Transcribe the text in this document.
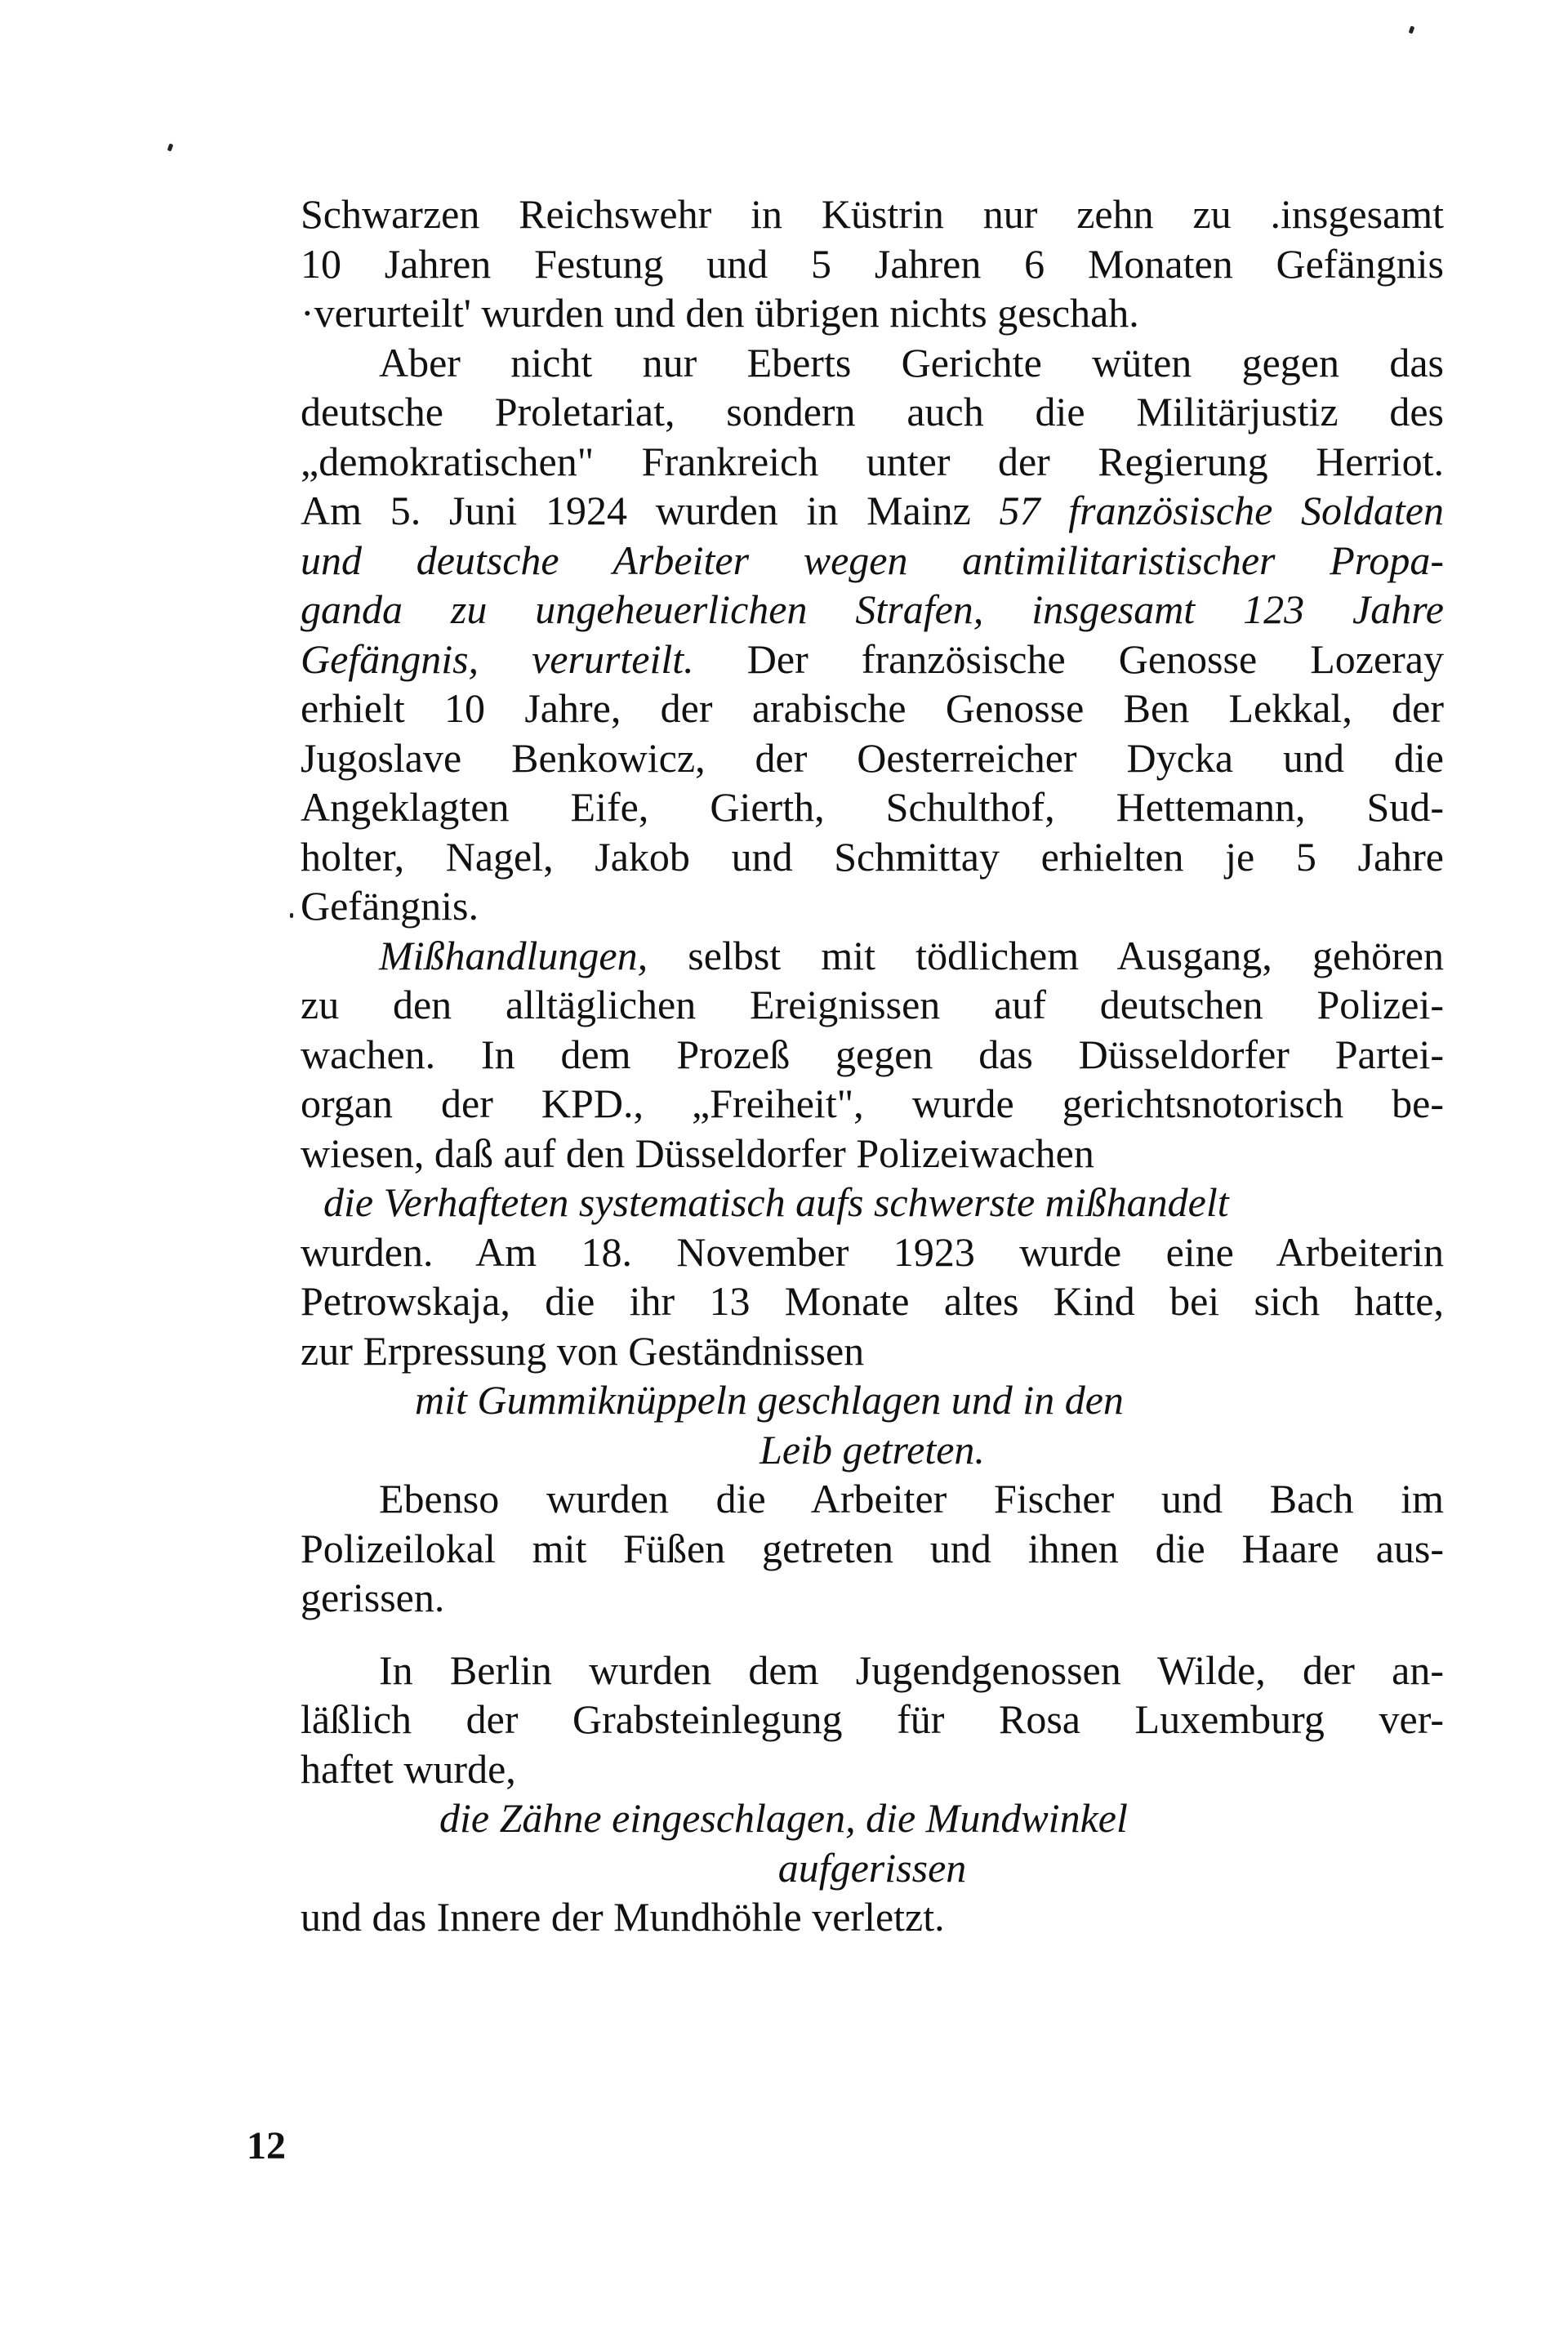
Schwarzen Reichswehr in Küstrin nur zehn zu .insgesamt
10 Jahren Festung und 5 Jahren 6 Monaten Gefängnis
·verurteilt' wurden und den übrigen nichts geschah.
Aber nicht nur Eberts Gerichte wüten gegen das
deutsche Proletariat, sondern auch die Militärjustiz des
„demokratischen" Frankreich unter der Regierung Herriot.
Am 5. Juni 1924 wurden in Mainz 57 französische Soldaten
und deutsche Arbeiter wegen antimilitaristischer Propa-
ganda zu ungeheuerlichen Strafen, insgesamt 123 Jahre
Gefängnis, verurteilt. Der französische Genosse Lozeray
erhielt 10 Jahre, der arabische Genosse Ben Lekkal, der
Jugoslave Benkowicz, der Oesterreicher Dycka und die
Angeklagten Eife, Gierth, Schulthof, Hettemann, Sud-
holter, Nagel, Jakob und Schmittay erhielten je 5 Jahre
Gefängnis.
Mißhandlungen, selbst mit tödlichem Ausgang, gehören
zu den alltäglichen Ereignissen auf deutschen Polizei-
wachen. In dem Prozeß gegen das Düsseldorfer Partei-
organ der KPD., „Freiheit", wurde gerichtsnotorisch be-
wiesen, daß auf den Düsseldorfer Polizeiwachen
die Verhafteten systematisch aufs schwerste mißhandelt
wurden. Am 18. November 1923 wurde eine Arbeiterin
Petrowskaja, die ihr 13 Monate altes Kind bei sich hatte,
zur Erpressung von Geständnissen
mit Gummiknüppeln geschlagen und in den
Leib getreten.
Ebenso wurden die Arbeiter Fischer und Bach im
Polizeilokal mit Füßen getreten und ihnen die Haare aus-
gerissen.
In Berlin wurden dem Jugendgenossen Wilde, der an-
läßlich der Grabsteinlegung für Rosa Luxemburg ver-
haftet wurde,
die Zähne eingeschlagen, die Mundwinkel
aufgerissen
und das Innere der Mundhöhle verletzt.
12
